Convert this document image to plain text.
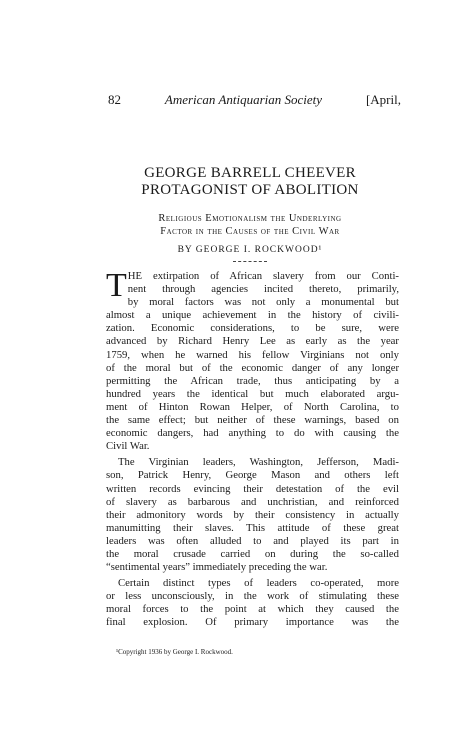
82	American Antiquarian Society	[April,
GEORGE BARRELL CHEEVER
PROTAGONIST OF ABOLITION
Religious Emotionalism the Underlying
Factor in the Causes of the Civil War
BY GEORGE I. ROCKWOOD¹
T HE extirpation of African slavery from our Conti-
nent through agencies incited thereto, primarily,
by moral factors was not only a monumental but
almost a unique achievement in the history of civili-
zation. Economic considerations, to be sure, were
advanced by Richard Henry Lee as early as the year
1759, when he warned his fellow Virginians not only
of the moral but of the economic danger of any longer
permitting the African trade, thus anticipating by a
hundred years the identical but much elaborated argu-
ment of Hinton Rowan Helper, of North Carolina, to
the same effect; but neither of these warnings, based on
economic dangers, had anything to do with causing the
Civil War.
The Virginian leaders, Washington, Jefferson, Madi-
son, Patrick Henry, George Mason and others left
written records evincing their detestation of the evil
of slavery as barbarous and unchristian, and reinforced
their admonitory words by their consistency in actually
manumitting their slaves. This attitude of these great
leaders was often alluded to and played its part in
the moral crusade carried on during the so-called
“sentimental years” immediately preceding the war.
Certain distinct types of leaders co-operated, more
or less unconsciously, in the work of stimulating these
moral forces to the point at which they caused the
final explosion. Of primary importance was the
¹Copyright 1936 by George I. Rockwood.
